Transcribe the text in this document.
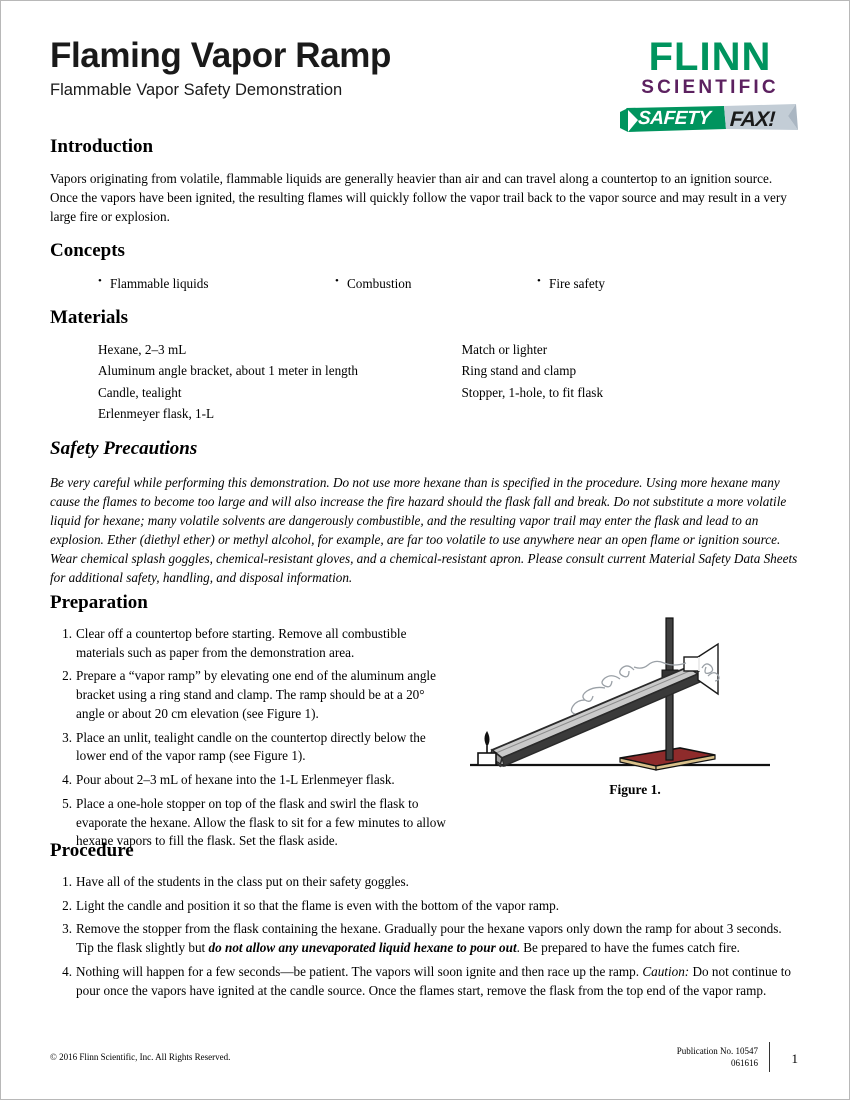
Flaming Vapor Ramp
Flammable Vapor Safety Demonstration
FLINN
SCIENTIFIC
SAFETY FAX!
Introduction

Vapors originating from volatile, flammable liquids are generally heavier than air and can travel along a countertop to an ignition source. Once the vapors have been ignited, the resulting flames will quickly follow the vapor trail back to the vapor source and may result in a very large fire or explosion.

Concepts
• Flammable liquids	• Combustion	• Fire safety
Materials
Hexane, 2–3 mL
Aluminum angle bracket, about 1 meter in length
Candle, tealight
Erlenmeyer flask, 1-L
Match or lighter
Ring stand and clamp
Stopper, 1-hole, to fit flask
Safety Precautions

Be very careful while performing this demonstration. Do not use more hexane than is specified in the procedure. Using more hexane many cause the flames to become too large and will also increase the fire hazard should the flask fall and break. Do not substitute a more volatile liquid for hexane; many volatile solvents are dangerously combustible, and the resulting vapor trail may enter the flask and lead to an explosion. Ether (diethyl ether) or methyl alcohol, for example, are far too volatile to use anywhere near an open flame or ignition source. Wear chemical splash goggles, chemical-resistant gloves, and a chemical-resistant apron. Please consult current Material Safety Data Sheets for additional safety, handling, and disposal information.

Preparation
1. Clear off a countertop before starting. Remove all combustible materials such as paper from the demonstration area.
2. Prepare a “vapor ramp” by elevating one end of the aluminum angle bracket using a ring stand and clamp. The ramp should be at a 20° angle or about 20 cm elevation (see Figure 1).
3. Place an unlit, tealight candle on the countertop directly below the lower end of the vapor ramp (see Figure 1).
4. Pour about 2–3 mL of hexane into the 1-L Erlenmeyer flask.
5. Place a one-hole stopper on top of the flask and swirl the flask to evaporate the hexane. Allow the flask to sit for a few minutes to allow hexane vapors to fill the flask. Set the flask aside.
Figure 1.
Procedure
1. Have all of the students in the class put on their safety goggles.
2. Light the candle and position it so that the flame is even with the bottom of the vapor ramp.
3. Remove the stopper from the flask containing the hexane. Gradually pour the hexane vapors only down the ramp for about 3 seconds. Tip the flask slightly but do not allow any unevaporated liquid hexane to pour out. Be prepared to have the fumes catch fire.
4. Nothing will happen for a few seconds—be patient. The vapors will soon ignite and then race up the ramp. Caution: Do not continue to pour once the vapors have ignited at the candle source. Once the flames start, remove the flask from the top end of the vapor ramp.
© 2016 Flinn Scientific, Inc. All Rights Reserved.
Publication No. 10547
061616	1
